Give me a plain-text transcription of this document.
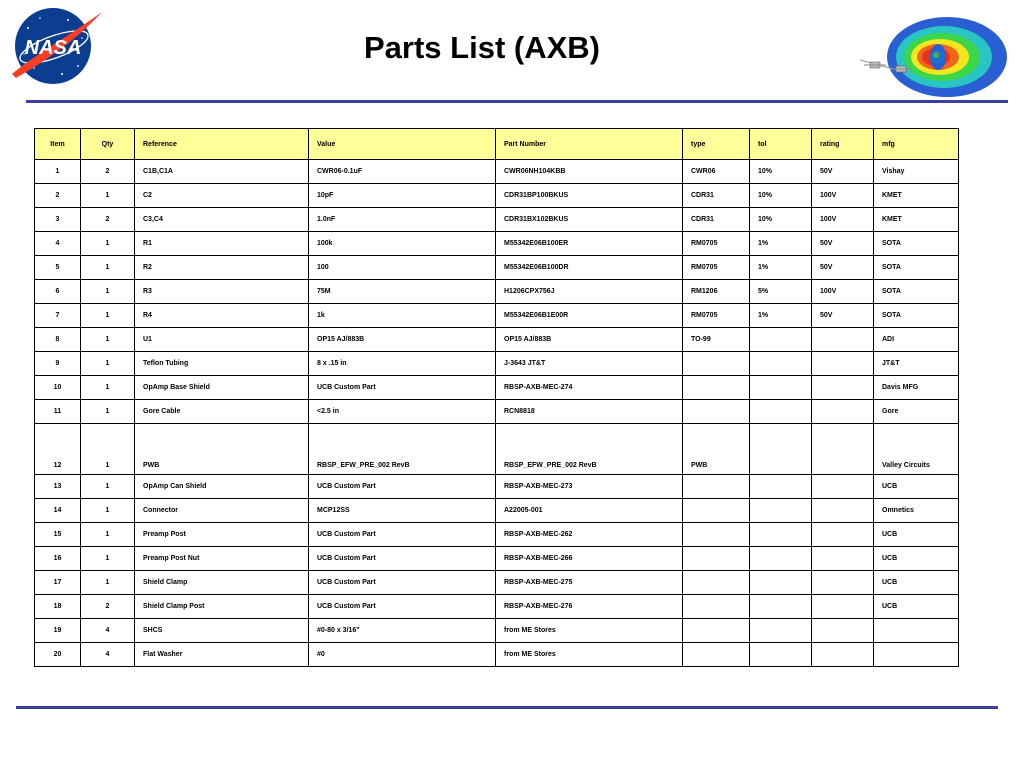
NASA	Parts List (AXB)
Item	Qty	Reference	Value	Part Number	type	tol	rating	mfg
1	2	C1B,C1A	CWR06-0.1uF	CWR06NH104KBB	CWR06	10%	50V	Vishay
2	1	C2	10pF	CDR31BP100BKUS	CDR31	10%	100V	KMET
3	2	C3,C4	1.0nF	CDR31BX102BKUS	CDR31	10%	100V	KMET
4	1	R1	100k	M55342E06B100ER	RM0705	1%	50V	SOTA
5	1	R2	100	M55342E06B100DR	RM0705	1%	50V	SOTA
6	1	R3	75M	H1206CPX756J	RM1206	5%	100V	SOTA
7	1	R4	1k	M55342E06B1E00R	RM0705	1%	50V	SOTA
8	1	U1	OP15 AJ/883B	OP15 AJ/883B	TO-99			ADI
9	1	Teflon Tubing	8 x .15 in	J-3643 JT&T				JT&T
10	1	OpAmp Base Shield	UCB Custom Part	RBSP-AXB-MEC-274				Davis MFG
11	1	Gore Cable	<2.5 in	RCN8818				Gore
12	1	PWB	RBSP_EFW_PRE_002 RevB	RBSP_EFW_PRE_002 RevB	PWB			Valley Circuits
13	1	OpAmp Can Shield	UCB Custom Part	RBSP-AXB-MEC-273				UCB
14	1	Connector	MCP12SS	A22005-001				Omnetics
15	1	Preamp Post	UCB Custom Part	RBSP-AXB-MEC-262				UCB
16	1	Preamp Post Nut	UCB Custom Part	RBSP-AXB-MEC-266				UCB
17	1	Shield Clamp	UCB Custom Part	RBSP-AXB-MEC-275				UCB
18	2	Shield Clamp Post	UCB Custom Part	RBSP-AXB-MEC-276				UCB
19	4	SHCS	#0-80 x 3/16"	from ME Stores				
20	4	Flat Washer	#0	from ME Stores				
